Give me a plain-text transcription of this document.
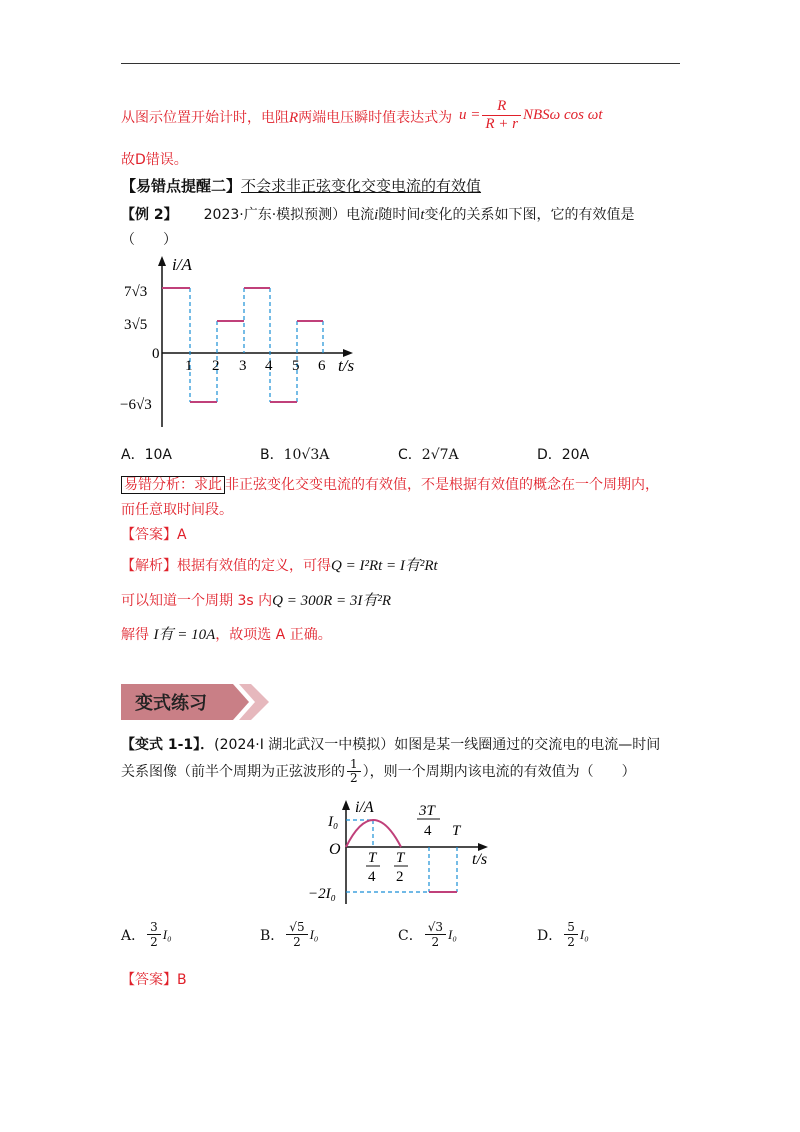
从图示位置开始计时，电阻R两端电压瞬时值表达式为 $u = \frac{R}{R + r}$ NBSω cos ωt
故D错误。
【易错点提醒二】不会求非正弦变化交变电流的有效值
【例 2】 2023·广东·模拟预测）电流i随时间t变化的关系如下图，它的有效值是
（　　）
i/A
t/s
0
7√3
3√5
−6√3
1 2 3 4 5 6
A．10A	B．10√3A	C．2√7A	D．20A
易错分析：求此 非正弦变化交变电流的有效值，不是根据有效值的概念在一个周期内，
而任意取时间段。
【答案】A
【解析】根据有效值的定义，可得Q = I²Rt = I有²Rt
可以知道一个周期 3s 内Q = 300R = 3I有²R
解得 I有 = 10A，故项选 A 正确。
变式练习
【变式 1-1】．(2024·I 湖北武汉一中模拟）如图是某一线圈通过的交流电的电流—时间
关系图像（前半个周期为正弦波形的 $\frac{1}{2}$ ），则一个周期内该电流的有效值为（　　）
i/A
t/s
O
I₀
−2I₀
T
4
T
2
3T
4 T
A． $\frac{3}{2} I_0$	B． $\frac{√5}{2} I_0$	C． $\frac{√3}{2} I_0$	D． $\frac{5}{2} I_0$
【答案】B
